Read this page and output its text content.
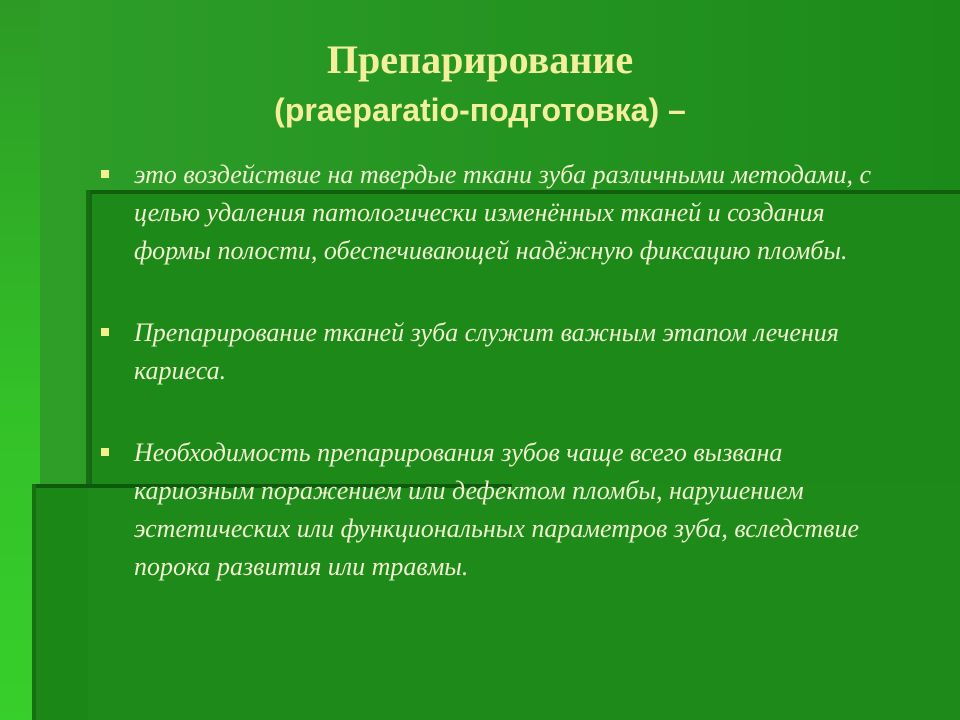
Препарирование
(praeparatio-подготовка) –
это воздействие на твердые ткани зуба различными методами, с целью удаления патологически изменённых тканей и создания формы полости, обеспечивающей надёжную фиксацию пломбы.
Препарирование тканей зуба служит важным этапом лечения кариеса.
Необходимость препарирования зубов чаще всего вызвана кариозным поражением или дефектом пломбы, нарушением эстетических или функциональных параметров зуба, вследствие порока развития или травмы.
